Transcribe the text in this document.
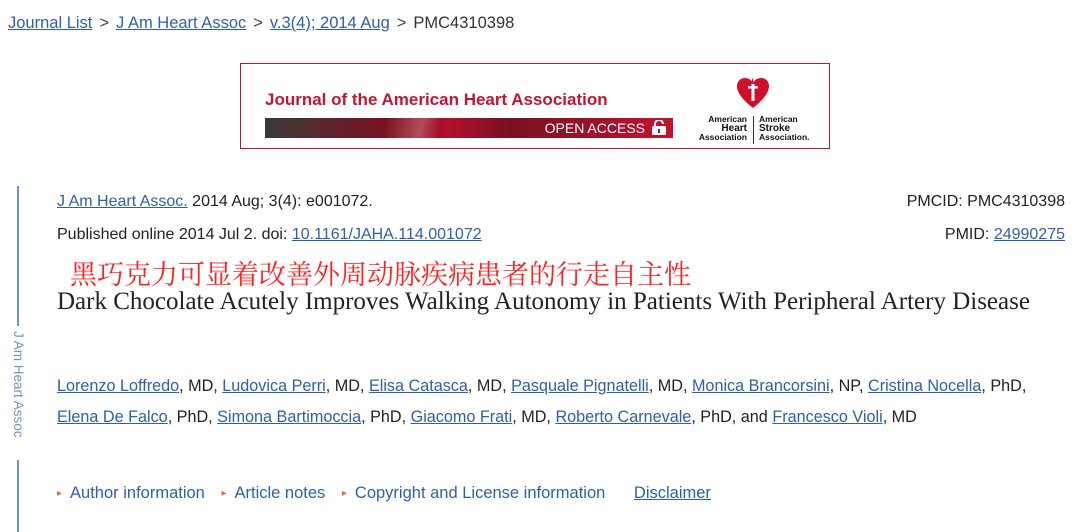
Journal List > J Am Heart Assoc > v.3(4); 2014 Aug > PMC4310398
Journal of the American Heart Association
OPEN ACCESS
American
Heart
Association
American
Stroke
Association.
J Am Heart Assoc
J Am Heart Assoc. 2014 Aug; 3(4): e001072.	PMCID: PMC4310398
Published online 2014 Jul 2. doi: 10.1161/JAHA.114.001072	PMID: 24990275
黑巧克力可显着改善外周动脉疾病患者的行走自主性
Dark Chocolate Acutely Improves Walking Autonomy in Patients With Peripheral Artery Disease
Lorenzo Loffredo, MD, Ludovica Perri, MD, Elisa Catasca, MD, Pasquale Pignatelli, MD, Monica Brancorsini, NP, Cristina Nocella, PhD, Elena De Falco, PhD, Simona Bartimoccia, PhD, Giacomo Frati, MD, Roberto Carnevale, PhD, and Francesco Violi, MD
▸ Author information ▸ Article notes ▸ Copyright and License information Disclaimer
